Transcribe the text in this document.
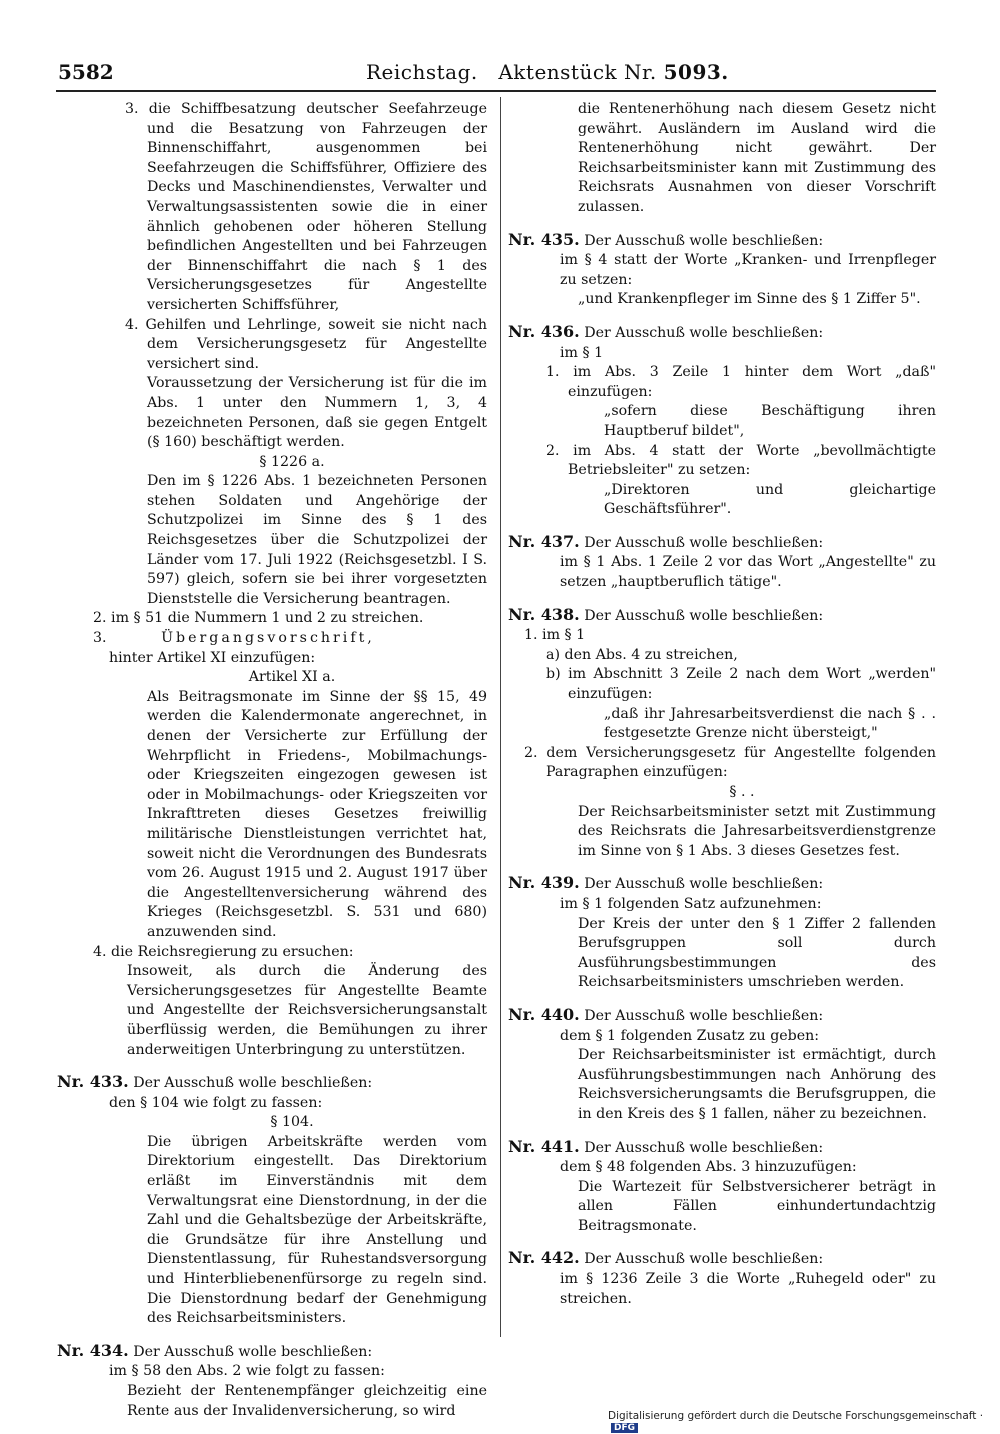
5582	Reichstag. Aktenstück Nr. 5093.

3. die Schiffbesatzung deutscher Seefahrzeuge und die Besatzung von Fahrzeugen der Binnenschiffahrt, ausgenommen bei Seefahrzeugen die Schiffsführer, Offiziere des Decks und Maschinendienstes, Verwalter und Verwaltungsassistenten sowie die in einer ähnlich gehobenen oder höheren Stellung befindlichen Angestellten und bei Fahrzeugen der Binnenschiffahrt die nach § 1 des Versicherungsgesetzes für Angestellte versicherten Schiffsführer,

4. Gehilfen und Lehrlinge, soweit sie nicht nach dem Versicherungsgesetz für Angestellte versichert sind.

Voraussetzung der Versicherung ist für die im Abs. 1 unter den Nummern 1, 3, 4 bezeichneten Personen, daß sie gegen Entgelt (§ 160) beschäftigt werden.

§ 1226 a.

Den im § 1226 Abs. 1 bezeichneten Personen stehen Soldaten und Angehörige der Schutzpolizei im Sinne des § 1 des Reichsgesetzes über die Schutzpolizei der Länder vom 17. Juli 1922 (Reichsgesetzbl. I S. 597) gleich, sofern sie bei ihrer vorgesetzten Dienststelle die Versicherung beantragen.

2. im § 51 die Nummern 1 und 2 zu streichen.

3.	Übergangsvorschrift,

hinter Artikel XI einzufügen:

Artikel XI a.

Als Beitragsmonate im Sinne der §§ 15, 49 werden die Kalendermonate angerechnet, in denen der Versicherte zur Erfüllung der Wehrpflicht in Friedens-, Mobilmachungs- oder Kriegszeiten eingezogen gewesen ist oder in Mobilmachungs- oder Kriegszeiten vor Inkrafttreten dieses Gesetzes freiwillig militärische Dienstleistungen verrichtet hat, soweit nicht die Verordnungen des Bundesrats vom 26. August 1915 und 2. August 1917 über die Angestelltenversicherung während des Krieges (Reichsgesetzbl. S. 531 und 680) anzuwenden sind.

4. die Reichsregierung zu ersuchen:

Insoweit, als durch die Änderung des Versicherungsgesetzes für Angestellte Beamte und Angestellte der Reichsversicherungsanstalt überflüssig werden, die Bemühungen zu ihrer anderweitigen Unterbringung zu unterstützen.

Nr. 433. Der Ausschuß wolle beschließen:

den § 104 wie folgt zu fassen:

§ 104.

Die übrigen Arbeitskräfte werden vom Direktorium eingestellt. Das Direktorium erläßt im Einverständnis mit dem Verwaltungsrat eine Dienstordnung, in der die Zahl und die Gehaltsbezüge der Arbeitskräfte, die Grundsätze für ihre Anstellung und Dienstentlassung, für Ruhestandsversorgung und Hinterbliebenenfürsorge zu regeln sind. Die Dienstordnung bedarf der Genehmigung des Reichsarbeitsministers.

Nr. 434. Der Ausschuß wolle beschließen:

im § 58 den Abs. 2 wie folgt zu fassen:

Bezieht der Rentenempfänger gleichzeitig eine Rente aus der Invalidenversicherung, so wird

die Rentenerhöhung nach diesem Gesetz nicht gewährt. Ausländern im Ausland wird die Rentenerhöhung nicht gewährt. Der Reichsarbeitsminister kann mit Zustimmung des Reichsrats Ausnahmen von dieser Vorschrift zulassen.

Nr. 435. Der Ausschuß wolle beschließen:

im § 4 statt der Worte „Kranken- und Irrenpfleger zu setzen:

„und Krankenpfleger im Sinne des § 1 Ziffer 5".

Nr. 436. Der Ausschuß wolle beschließen:

im § 1

1. im Abs. 3 Zeile 1 hinter dem Wort „daß" einzufügen:

„sofern diese Beschäftigung ihren Hauptberuf bildet",

2. im Abs. 4 statt der Worte „bevollmächtigte Betriebsleiter" zu setzen:

„Direktoren und gleichartige Geschäftsführer".

Nr. 437. Der Ausschuß wolle beschließen:

im § 1 Abs. 1 Zeile 2 vor das Wort „Angestellte" zu setzen „hauptberuflich tätige".

Nr. 438. Der Ausschuß wolle beschließen:

1. im § 1

a) den Abs. 4 zu streichen,

b) im Abschnitt 3 Zeile 2 nach dem Wort „werden" einzufügen:

„daß ihr Jahresarbeitsverdienst die nach § . . festgesetzte Grenze nicht übersteigt,"

2. dem Versicherungsgesetz für Angestellte folgenden Paragraphen einzufügen:

§ . .

Der Reichsarbeitsminister setzt mit Zustimmung des Reichsrats die Jahresarbeitsverdienstgrenze im Sinne von § 1 Abs. 3 dieses Gesetzes fest.

Nr. 439. Der Ausschuß wolle beschließen:

im § 1 folgenden Satz aufzunehmen:

Der Kreis der unter den § 1 Ziffer 2 fallenden Berufsgruppen soll durch Ausführungsbestimmungen des Reichsarbeitsministers umschrieben werden.

Nr. 440. Der Ausschuß wolle beschließen:

dem § 1 folgenden Zusatz zu geben:

Der Reichsarbeitsminister ist ermächtigt, durch Ausführungsbestimmungen nach Anhörung des Reichsversicherungsamts die Berufsgruppen, die in den Kreis des § 1 fallen, näher zu bezeichnen.

Nr. 441. Der Ausschuß wolle beschließen:

dem § 48 folgenden Abs. 3 hinzuzufügen:

Die Wartezeit für Selbstversicherer beträgt in allen Fällen einhundertundachtzig Beitragsmonate.

Nr. 442. Der Ausschuß wolle beschließen:

im § 1236 Zeile 3 die Worte „Ruhegeld oder" zu streichen.

Digitalisierung gefördert durch die Deutsche Forschungsgemeinschaft · DFG
